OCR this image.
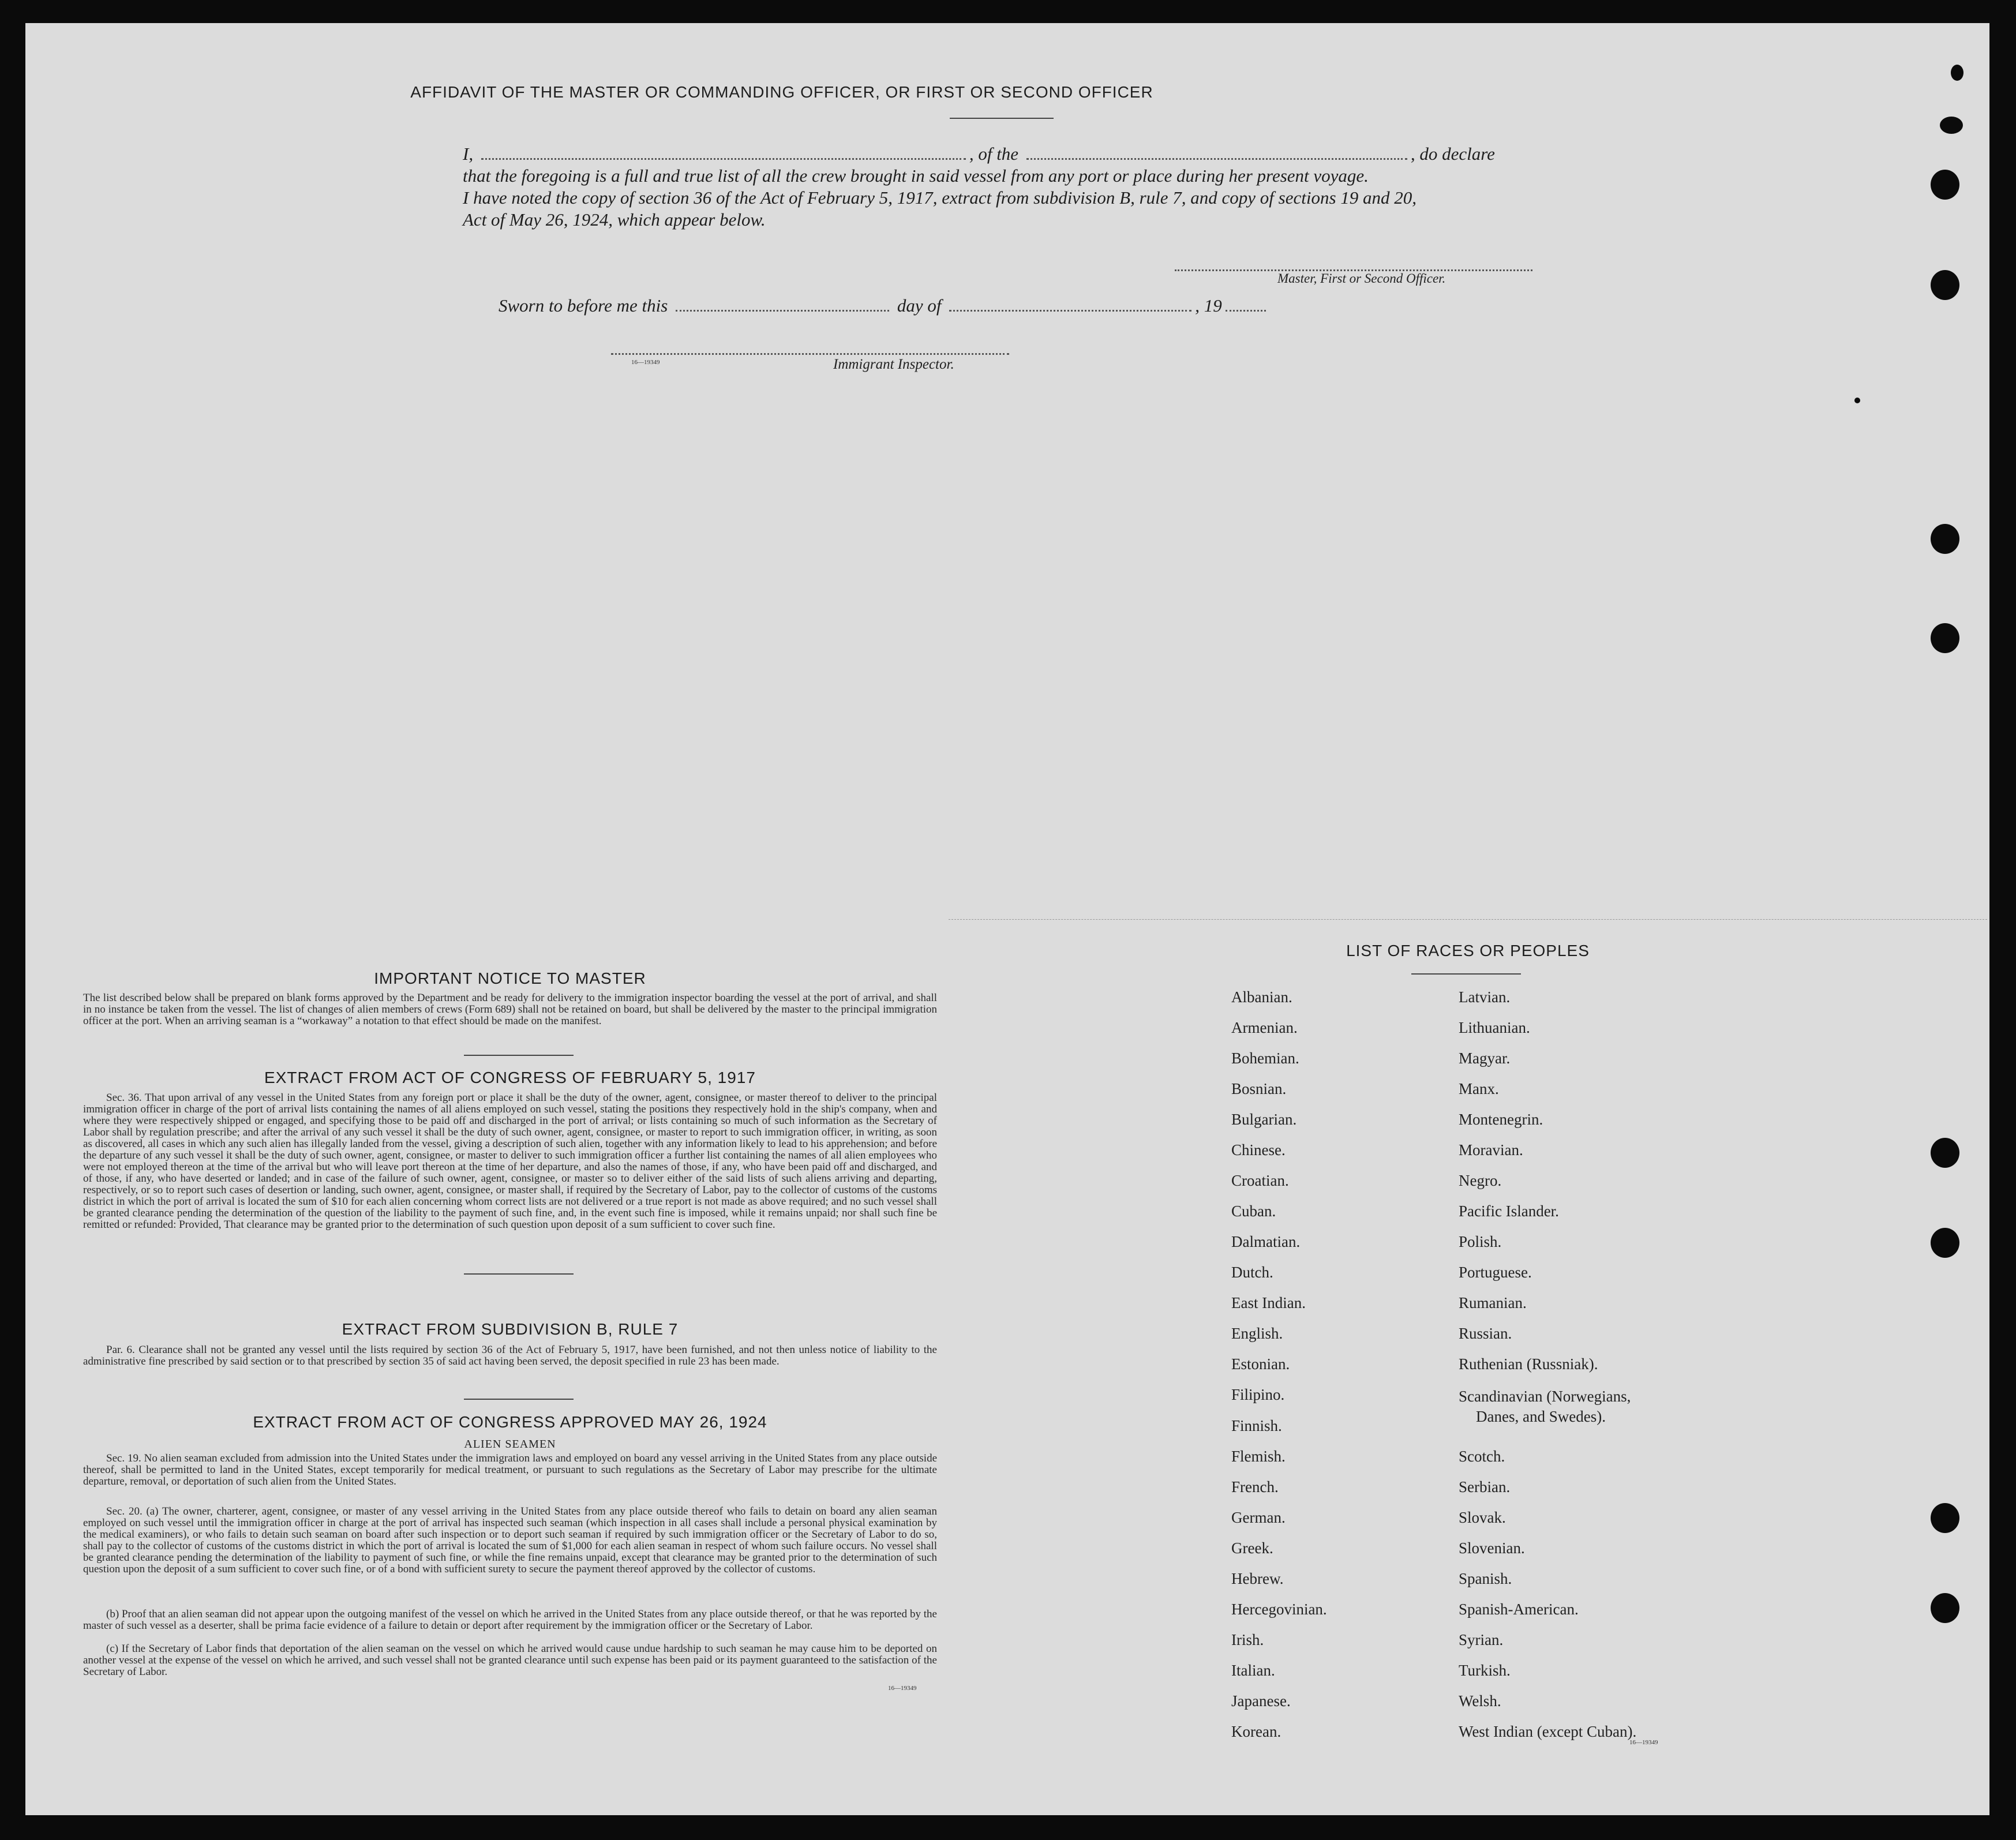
AFFIDAVIT OF THE MASTER OR COMMANDING OFFICER, OR FIRST OR SECOND OFFICER
I,	, of the	, do declare
that the foregoing is a full and true list of all the crew brought in said vessel from any port or place during her present voyage.
I have noted the copy of section 36 of the Act of February 5, 1917, extract from subdivision B, rule 7, and copy of sections 19 and 20,
Act of May 26, 1924, which appear below.
Master, First or Second Officer.
Sworn to before me this	day of	, 19
16—19349	Immigrant Inspector.
IMPORTANT NOTICE TO MASTER
The list described below shall be prepared on blank forms approved by the Department and be ready for delivery to the immigration inspector boarding the vessel at the port of arrival, and shall in no instance be taken from the vessel. The list of changes of alien members of crews (Form 689) shall not be retained on board, but shall be delivered by the master to the principal immigration officer at the port. When an arriving seaman is a “workaway” a notation to that effect should be made on the manifest.
EXTRACT FROM ACT OF CONGRESS OF FEBRUARY 5, 1917
Sec. 36. That upon arrival of any vessel in the United States from any foreign port or place it shall be the duty of the owner, agent, consignee, or master thereof to deliver to the principal immigration officer in charge of the port of arrival lists containing the names of all aliens employed on such vessel, stating the positions they respectively hold in the ship's company, when and where they were respectively shipped or engaged, and specifying those to be paid off and discharged in the port of arrival; or lists containing so much of such information as the Secretary of Labor shall by regulation prescribe; and after the arrival of any such vessel it shall be the duty of such owner, agent, consignee, or master to report to such immigration officer, in writing, as soon as discovered, all cases in which any such alien has illegally landed from the vessel, giving a description of such alien, together with any information likely to lead to his apprehension; and before the departure of any such vessel it shall be the duty of such owner, agent, consignee, or master to deliver to such immigration officer a further list containing the names of all alien employees who were not employed thereon at the time of the arrival but who will leave port thereon at the time of her departure, and also the names of those, if any, who have been paid off and discharged, and of those, if any, who have deserted or landed; and in case of the failure of such owner, agent, consignee, or master so to deliver either of the said lists of such aliens arriving and departing, respectively, or so to report such cases of desertion or landing, such owner, agent, consignee, or master shall, if required by the Secretary of Labor, pay to the collector of customs of the customs district in which the port of arrival is located the sum of $10 for each alien concerning whom correct lists are not delivered or a true report is not made as above required; and no such vessel shall be granted clearance pending the determination of the question of the liability to the payment of such fine, and, in the event such fine is imposed, while it remains unpaid; nor shall such fine be remitted or refunded: Provided, That clearance may be granted prior to the determination of such question upon deposit of a sum sufficient to cover such fine.
EXTRACT FROM SUBDIVISION B, RULE 7
Par. 6. Clearance shall not be granted any vessel until the lists required by section 36 of the Act of February 5, 1917, have been furnished, and not then unless notice of liability to the administrative fine prescribed by said section or to that prescribed by section 35 of said act having been served, the deposit specified in rule 23 has been made.
EXTRACT FROM ACT OF CONGRESS APPROVED MAY 26, 1924
ALIEN SEAMEN
Sec. 19. No alien seaman excluded from admission into the United States under the immigration laws and employed on board any vessel arriving in the United States from any place outside thereof, shall be permitted to land in the United States, except temporarily for medical treatment, or pursuant to such regulations as the Secretary of Labor may prescribe for the ultimate departure, removal, or deportation of such alien from the United States.
Sec. 20. (a) The owner, charterer, agent, consignee, or master of any vessel arriving in the United States from any place outside thereof who fails to detain on board any alien seaman employed on such vessel until the immigration officer in charge at the port of arrival has inspected such seaman (which inspection in all cases shall include a personal physical examination by the medical examiners), or who fails to detain such seaman on board after such inspection or to deport such seaman if required by such immigration officer or the Secretary of Labor to do so, shall pay to the collector of customs of the customs district in which the port of arrival is located the sum of $1,000 for each alien seaman in respect of whom such failure occurs. No vessel shall be granted clearance pending the determination of the liability to payment of such fine, or while the fine remains unpaid, except that clearance may be granted prior to the determination of such question upon the deposit of a sum sufficient to cover such fine, or of a bond with sufficient surety to secure the payment thereof approved by the collector of customs.
(b) Proof that an alien seaman did not appear upon the outgoing manifest of the vessel on which he arrived in the United States from any place outside thereof, or that he was reported by the master of such vessel as a deserter, shall be prima facie evidence of a failure to detain or deport after requirement by the immigration officer or the Secretary of Labor.
(c) If the Secretary of Labor finds that deportation of the alien seaman on the vessel on which he arrived would cause undue hardship to such seaman he may cause him to be deported on another vessel at the expense of the vessel on which he arrived, and such vessel shall not be granted clearance until such expense has been paid or its payment guaranteed to the satisfaction of the Secretary of Labor.
16—19349
LIST OF RACES OR PEOPLES
Albanian.
Armenian.
Bohemian.
Bosnian.
Bulgarian.
Chinese.
Croatian.
Cuban.
Dalmatian.
Dutch.
East Indian.
English.
Estonian.
Filipino.
Finnish.
Flemish.
French.
German.
Greek.
Hebrew.
Hercegovinian.
Irish.
Italian.
Japanese.
Korean.
Latvian.
Lithuanian.
Magyar.
Manx.
Montenegrin.
Moravian.
Negro.
Pacific Islander.
Polish.
Portuguese.
Rumanian.
Russian.
Ruthenian (Russniak).
Scandinavian (Norwegians,
Danes, and Swedes).
Scotch.
Serbian.
Slovak.
Slovenian.
Spanish.
Spanish-American.
Syrian.
Turkish.
Welsh.
West Indian (except Cuban).
16—19349
